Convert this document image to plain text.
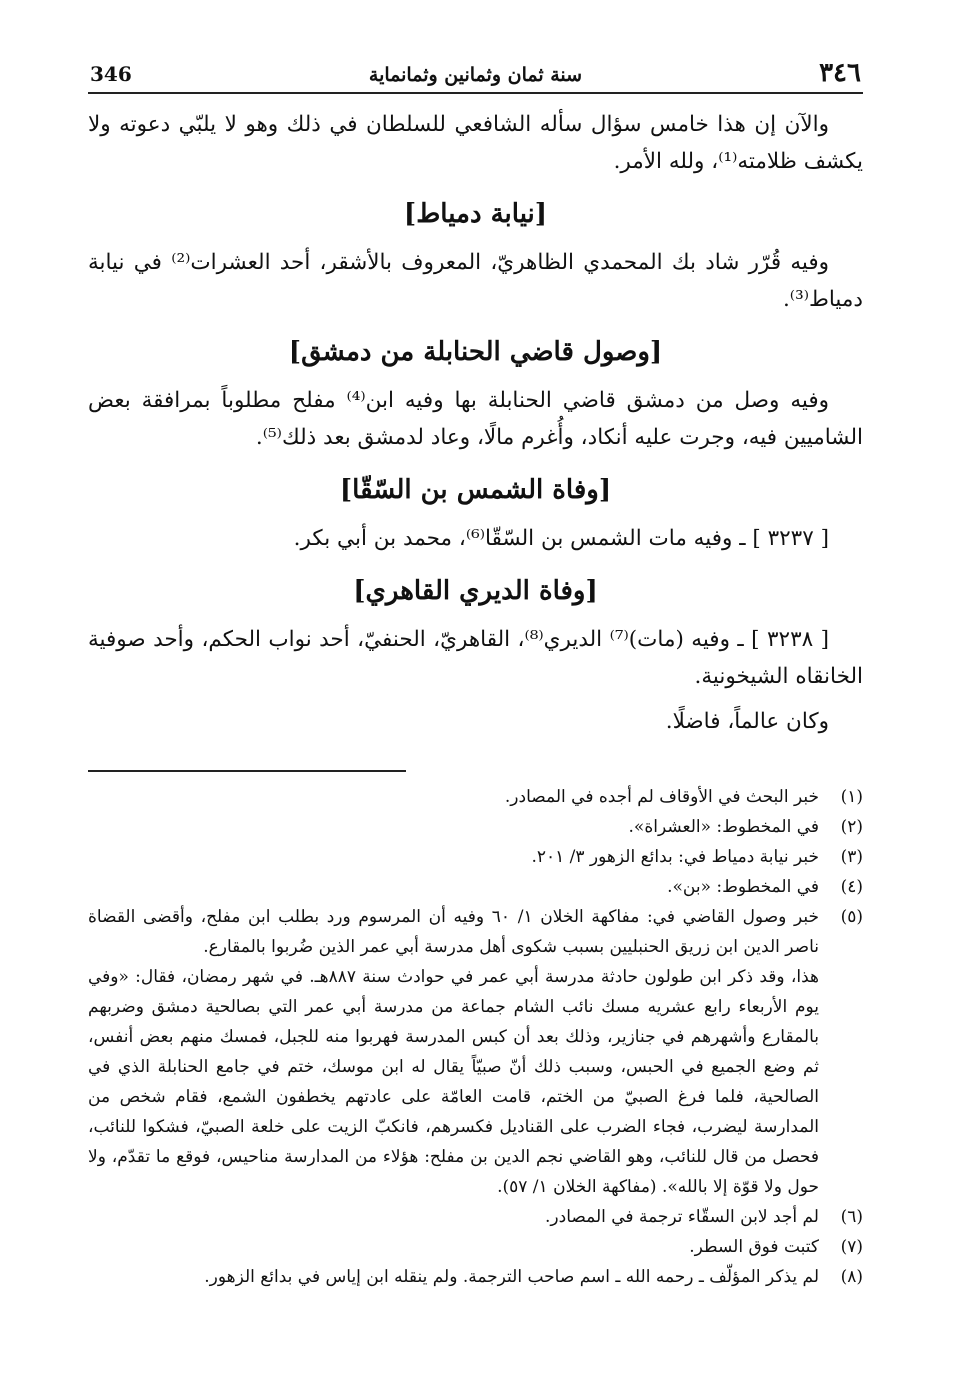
٣٤٦
سنة ثمان وثمانين وثمانماية
346

والآن إن هذا خامس سؤال سأله الشافعي للسلطان في ذلك وهو لا يلبّي دعوته ولا يكشف ظلامته⁽¹⁾، ولله الأمر.

[نيابة دمياط]

وفيه قُرّر شاد بك المحمدي الظاهريّ، المعروف بالأشقر، أحد العشرات⁽²⁾ في نيابة دمياط⁽³⁾.

[وصول قاضي الحنابلة من دمشق]

وفيه وصل من دمشق قاضي الحنابلة بها وفيه ابن⁽⁴⁾ مفلح مطلوباً بمرافقة بعض الشاميين فيه، وجرت عليه أنكاد، وأُغرم مالًا، وعاد لدمشق بعد ذلك⁽⁵⁾.

[وفاة الشمس بن السّقّا]

[ ٣٢٣٧ ] ـ وفيه مات الشمس بن السّقّا⁽⁶⁾، محمد بن أبي بكر.

[وفاة الديري القاهري]

[ ٣٢٣٨ ] ـ وفيه (مات)⁽⁷⁾ الديري⁽⁸⁾، القاهريّ، الحنفيّ، أحد نواب الحكم، وأحد صوفية الخانقاه الشيخونية.

وكان عالماً، فاضلًا.

(١)
خبر البحث في الأوقاف لم أجده في المصادر.
(٢)
في المخطوط: «العشراة».
(٣)
خبر نيابة دمياط في: بدائع الزهور ٣/ ٢٠١.
(٤)
في المخطوط: «بن».
(٥)
خبر وصول القاضي في: مفاكهة الخلان ١/ ٦٠ وفيه أن المرسوم ورد بطلب ابن مفلح، وأقضى القضاة ناصر الدين ابن زريق الحنبليين بسبب شكوى أهل مدرسة أبي عمر الذين ضُربوا بالمقارع.
هذا، وقد ذكر ابن طولون حادثة مدرسة أبي عمر في حوادث سنة ٨٨٧هـ. في شهر رمضان، فقال: «وفي يوم الأربعاء رابع عشريه مسك نائب الشام جماعة من مدرسة أبي عمر التي بصالحية دمشق وضربهم بالمقارع وأشهرهم في جنازير، وذلك بعد أن كبس المدرسة فهربوا منه للجبل، فمسك منهم بعض أنفس، ثم وضع الجميع في الحبس، وسبب ذلك أنّ صبيّاً يقال له ابن موسك، ختم في جامع الحنابلة الذي في الصالحية، فلما فرغ الصبيّ من الختم، قامت العامّة على عادتهم يخطفون الشمع، فقام شخص من المدارسة ليضرب، فجاء الضرب على القناديل فكسرهم، فانكبّ الزيت على خلعة الصبيّ، فشكوا للنائب، فحصل من قال للنائب، وهو القاضي نجم الدين بن مفلح: هؤلاء من المدارسة مناحيس، فوقع ما تقدّم، ولا حول ولا قوّة إلا بالله». (مفاكهة الخلان ١/ ٥٧).
(٦)
لم أجد لابن السقّاء ترجمة في المصادر.
(٧)
كتبت فوق السطر.
(٨)
لم يذكر المؤلّف ـ رحمه الله ـ اسم صاحب الترجمة. ولم ينقله ابن إياس في بدائع الزهور.
